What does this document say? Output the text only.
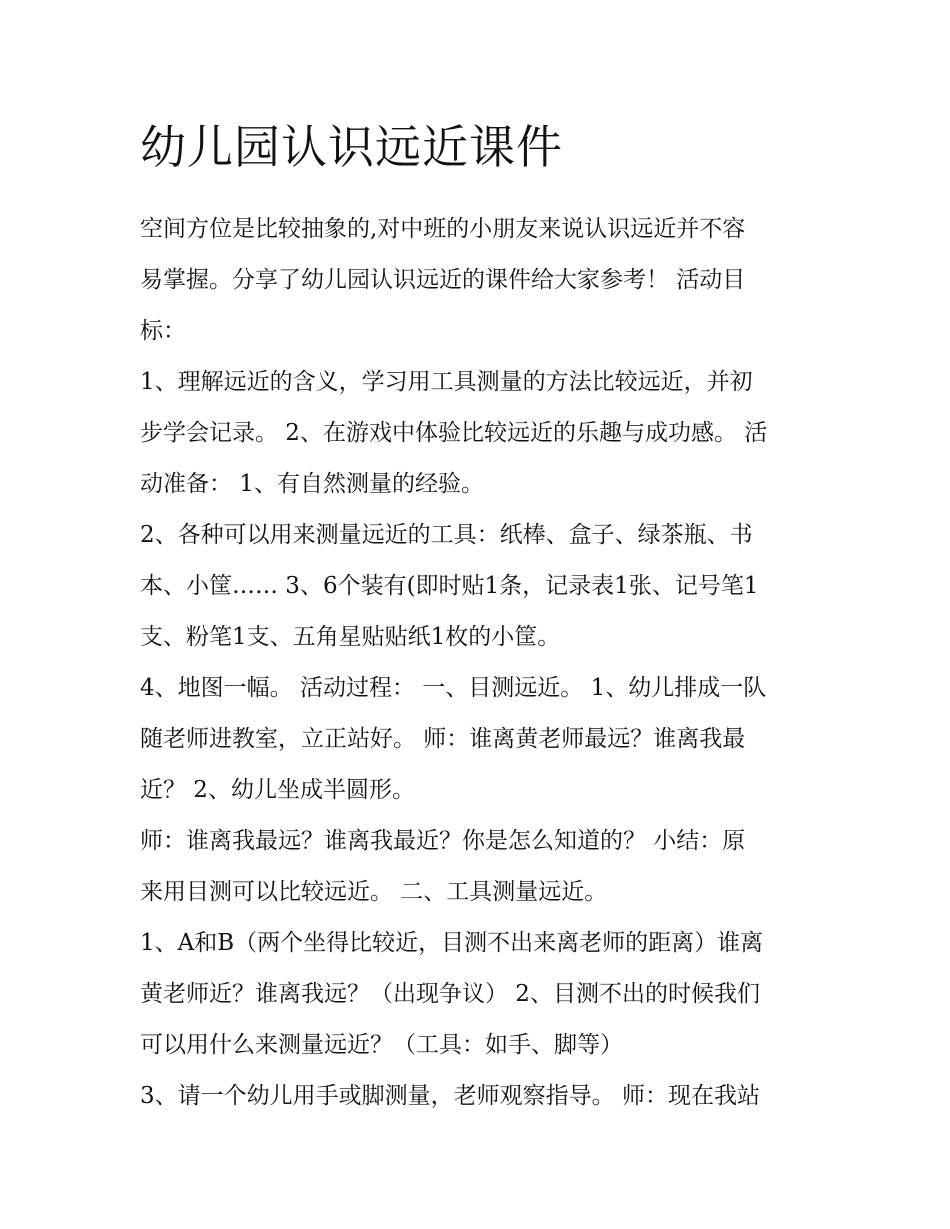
幼儿园认识远近课件

空间方位是比较抽象的,对中班的小朋友来说认识远近并不容
易掌握。分享了幼儿园认识远近的课件给大家参考！ 活动目
标：

1、理解远近的含义，学习用工具测量的方法比较远近，并初
步学会记录。 2、在游戏中体验比较远近的乐趣与成功感。 活
动准备： 1、有自然测量的经验。

2、各种可以用来测量远近的工具：纸棒、盒子、绿茶瓶、书
本、小筐…… 3、6个装有(即时贴1条，记录表1张、记号笔1
支、粉笔1支、五角星贴贴纸1枚的小筐。

4、地图一幅。 活动过程： 一、目测远近。 1、幼儿排成一队
随老师进教室，立正站好。 师：谁离黄老师最远？谁离我最
近？ 2、幼儿坐成半圆形。

师：谁离我最远？谁离我最近？你是怎么知道的？ 小结：原
来用目测可以比较远近。 二、工具测量远近。

1、A和B（两个坐得比较近，目测不出来离老师的距离）谁离
黄老师近？谁离我远？（出现争议） 2、目测不出的时候我们
可以用什么来测量远近？（工具：如手、脚等）

3、请一个幼儿用手或脚测量，老师观察指导。 师：现在我站
